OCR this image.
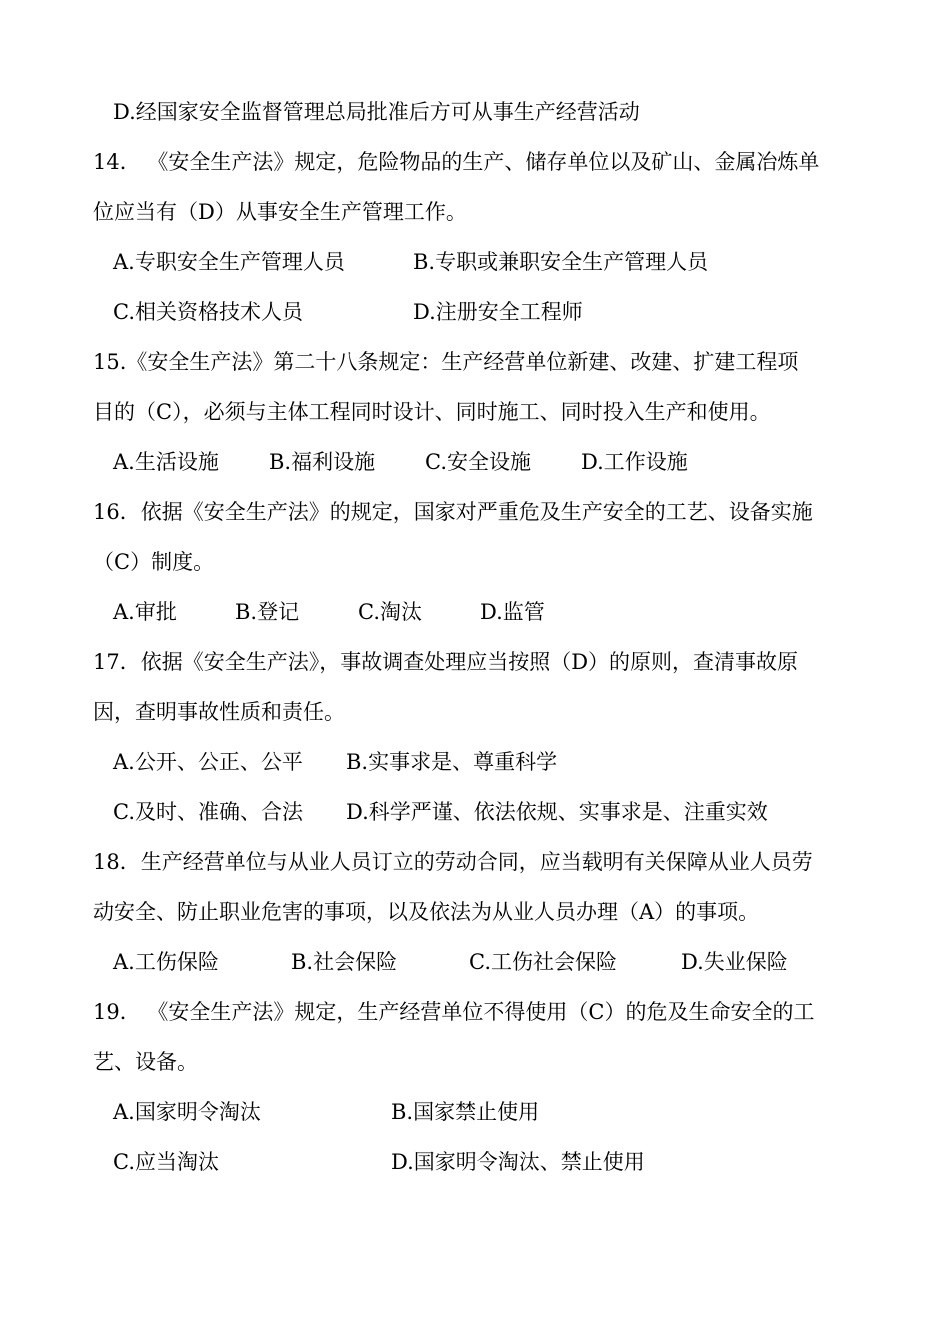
D.经国家安全监督管理总局批准后方可从事生产经营活动
14． 《安全生产法》规定，危险物品的生产、储存单位以及矿山、金属冶炼单
位应当有（D）从事安全生产管理工作。
A.专职安全生产管理人员	B.专职或兼职安全生产管理人员
C.相关资格技术人员	D.注册安全工程师
15.《安全生产法》第二十八条规定：生产经营单位新建、改建、扩建工程项
目的（C），必须与主体工程同时设计、同时施工、同时投入生产和使用。
A.生活设施 B.福利设施 C.安全设施 D.工作设施
16．依据《安全生产法》的规定，国家对严重危及生产安全的工艺、设备实施
（C）制度。
A.审批	B.登记	C.淘汰	D.监管
17．依据《安全生产法》，事故调查处理应当按照（D）的原则，查清事故原
因，查明事故性质和责任。
A.公开、公正、公平 B.实事求是、尊重科学
C.及时、准确、合法 D.科学严谨、依法依规、实事求是、注重实效
18．生产经营单位与从业人员订立的劳动合同，应当载明有关保障从业人员劳
动安全、防止职业危害的事项，以及依法为从业人员办理（A）的事项。
A.工伤保险	B.社会保险	C.工伤社会保险	D.失业保险
19． 《安全生产法》规定，生产经营单位不得使用（C）的危及生命安全的工
艺、设备。
A.国家明令淘汰	B.国家禁止使用
C.应当淘汰	D.国家明令淘汰、禁止使用
